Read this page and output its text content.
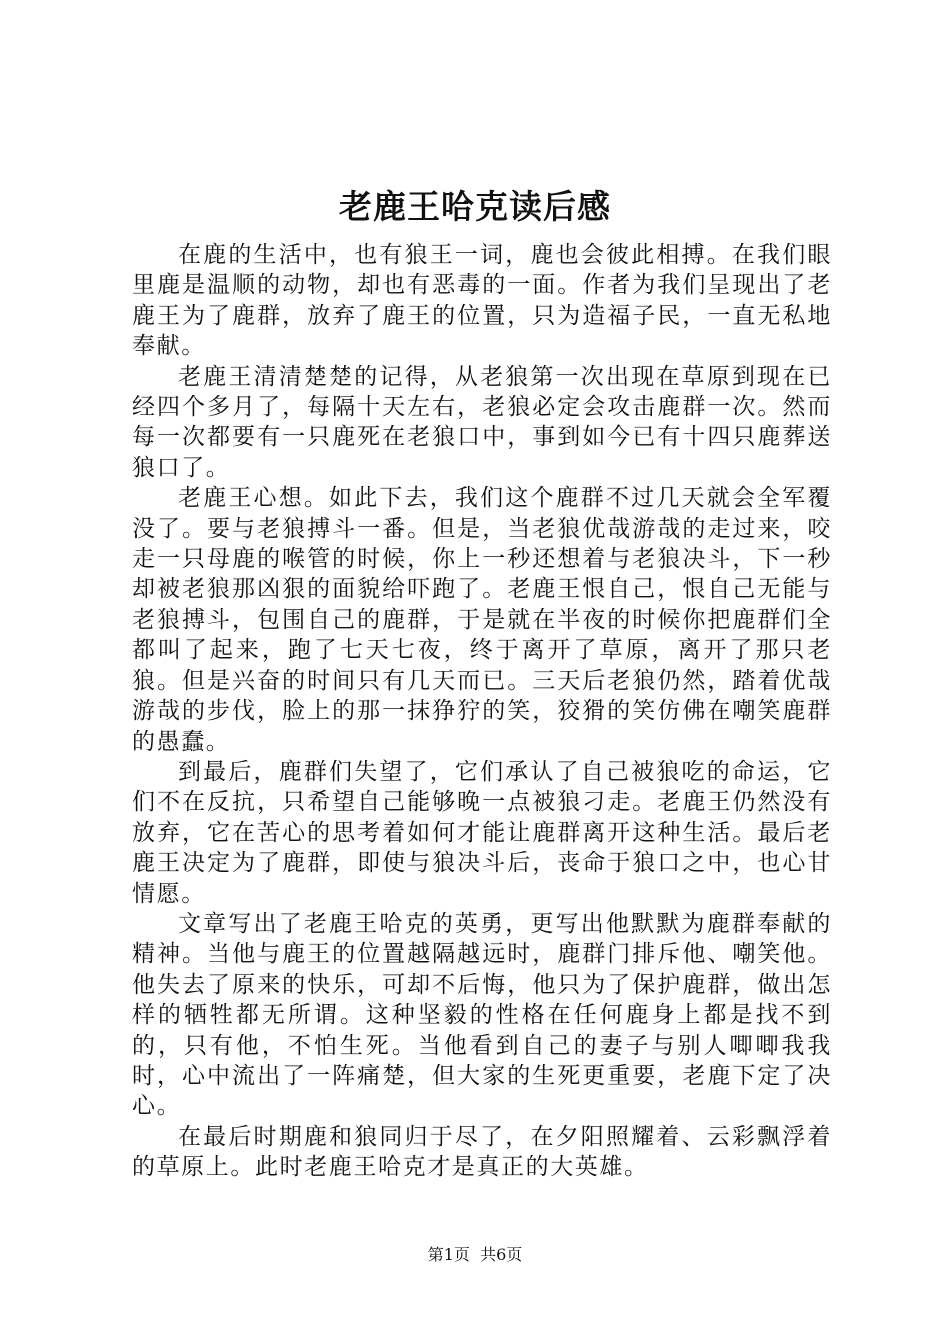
老鹿王哈克读后感

在鹿的生活中，也有狼王一词，鹿也会彼此相搏。在我们眼里鹿是温顺的动物，却也有恶毒的一面。作者为我们呈现出了老鹿王为了鹿群，放弃了鹿王的位置，只为造福子民，一直无私地奉献。

老鹿王清清楚楚的记得，从老狼第一次出现在草原到现在已经四个多月了，每隔十天左右，老狼必定会攻击鹿群一次。然而每一次都要有一只鹿死在老狼口中，事到如今已有十四只鹿葬送狼口了。

老鹿王心想。如此下去，我们这个鹿群不过几天就会全军覆没了。要与老狼搏斗一番。但是，当老狼优哉游哉的走过来，咬走一只母鹿的喉管的时候，你上一秒还想着与老狼决斗，下一秒却被老狼那凶狠的面貌给吓跑了。老鹿王恨自己，恨自己无能与老狼搏斗，包围自己的鹿群，于是就在半夜的时候你把鹿群们全都叫了起来，跑了七天七夜，终于离开了草原，离开了那只老狼。但是兴奋的时间只有几天而已。三天后老狼仍然，踏着优哉游哉的步伐，脸上的那一抹狰狞的笑，狡猾的笑仿佛在嘲笑鹿群的愚蠢。

到最后，鹿群们失望了，它们承认了自己被狼吃的命运，它们不在反抗，只希望自己能够晚一点被狼刁走。老鹿王仍然没有放弃，它在苦心的思考着如何才能让鹿群离开这种生活。最后老鹿王决定为了鹿群，即使与狼决斗后，丧命于狼口之中，也心甘情愿。

文章写出了老鹿王哈克的英勇，更写出他默默为鹿群奉献的精神。当他与鹿王的位置越隔越远时，鹿群门排斥他、嘲笑他。他失去了原来的快乐，可却不后悔，他只为了保护鹿群，做出怎样的牺牲都无所谓。这种坚毅的性格在任何鹿身上都是找不到的，只有他，不怕生死。当他看到自己的妻子与别人唧唧我我时，心中流出了一阵痛楚，但大家的生死更重要，老鹿下定了决心。

在最后时期鹿和狼同归于尽了，在夕阳照耀着、云彩飘浮着的草原上。此时老鹿王哈克才是真正的大英雄。

第1页 共6页
